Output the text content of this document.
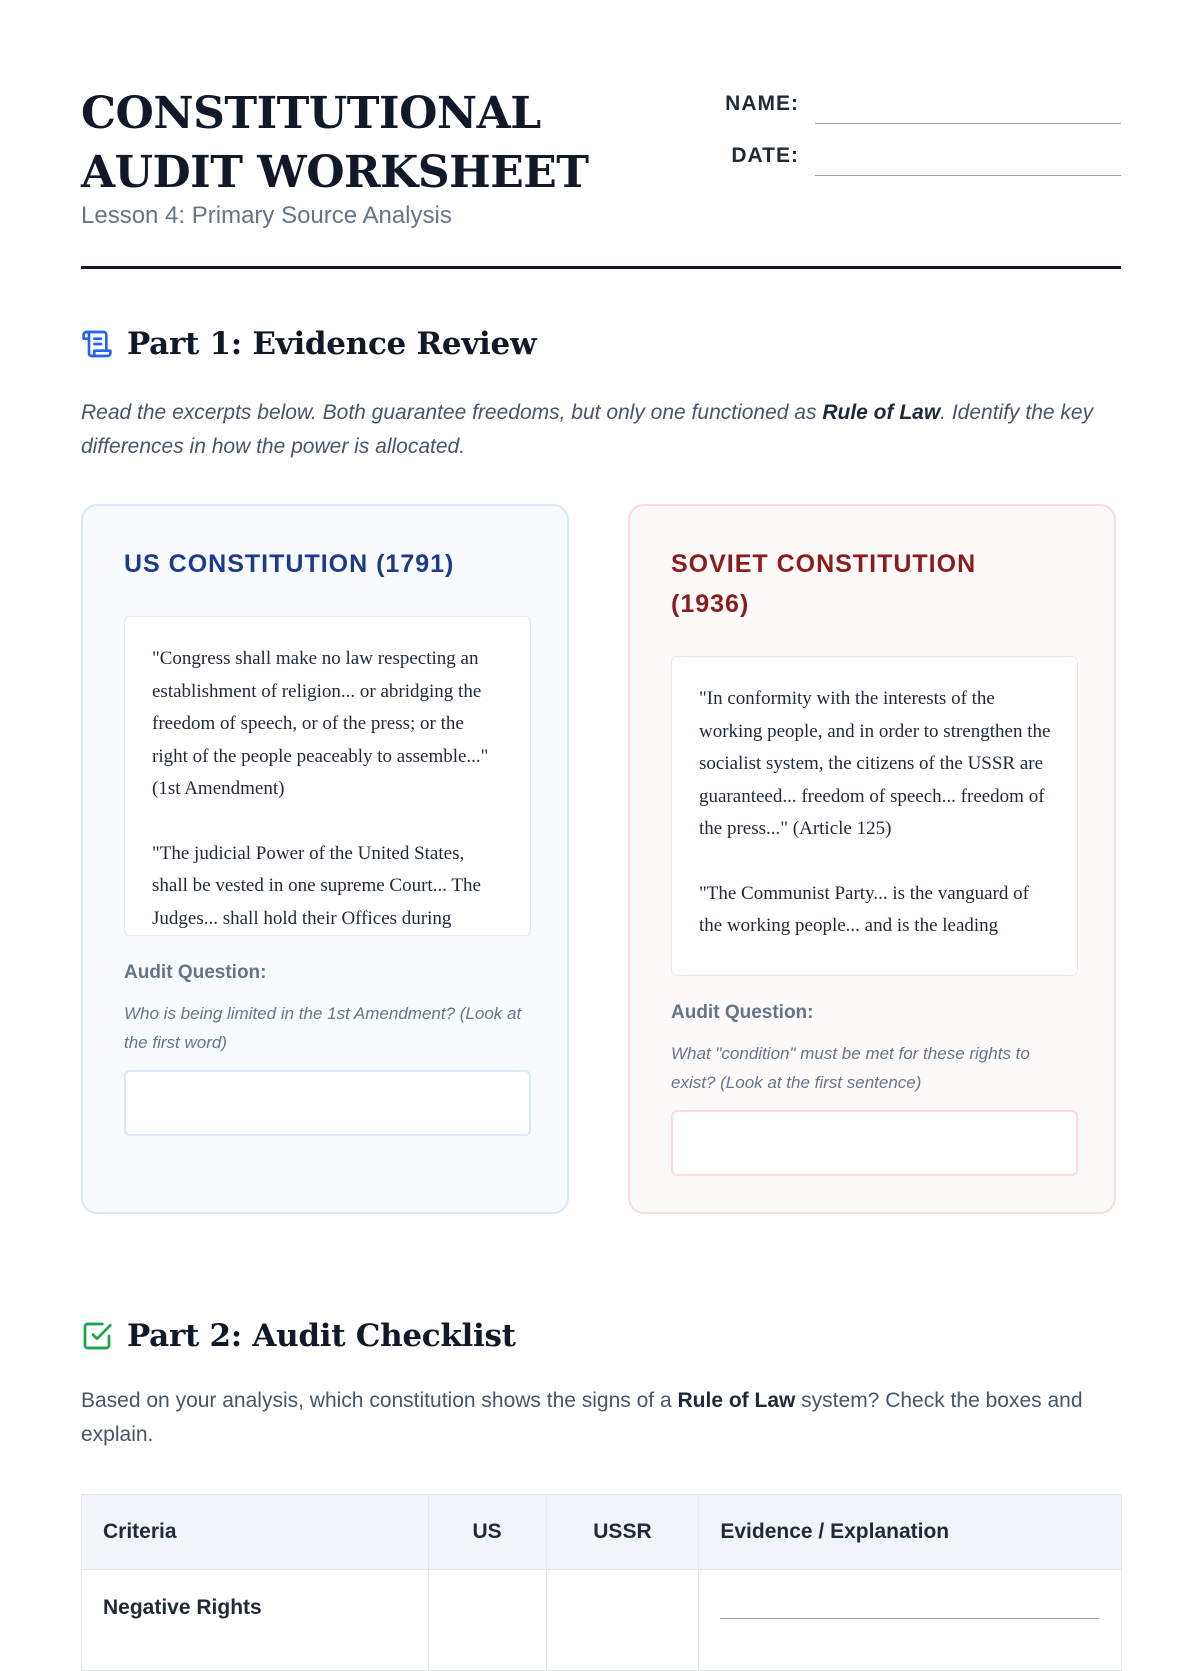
CONSTITUTIONAL AUDIT WORKSHEET
Lesson 4: Primary Source Analysis
NAME:
DATE:
Part 1: Evidence Review
Read the excerpts below. Both guarantee freedoms, but only one functioned as Rule of Law. Identify the key differences in how the power is allocated.
US CONSTITUTION (1791)

"Congress shall make no law respecting an establishment of religion... or abridging the freedom of speech, or of the press; or the right of the people peaceably to assemble..." (1st Amendment)

"The judicial Power of the United States, shall be vested in one supreme Court... The Judges... shall hold their Offices during

Audit Question:
Who is being limited in the 1st Amendment? (Look at the first word)
SOVIET CONSTITUTION (1936)

"In conformity with the interests of the working people, and in order to strengthen the socialist system, the citizens of the USSR are guaranteed... freedom of speech... freedom of the press..." (Article 125)

"The Communist Party... is the vanguard of the working people... and is the leading

Audit Question:
What "condition" must be met for these rights to exist? (Look at the first sentence)
Part 2: Audit Checklist
Based on your analysis, which constitution shows the signs of a Rule of Law system? Check the boxes and explain.
Criteria	US	USSR	Evidence / Explanation
Negative Rights			
